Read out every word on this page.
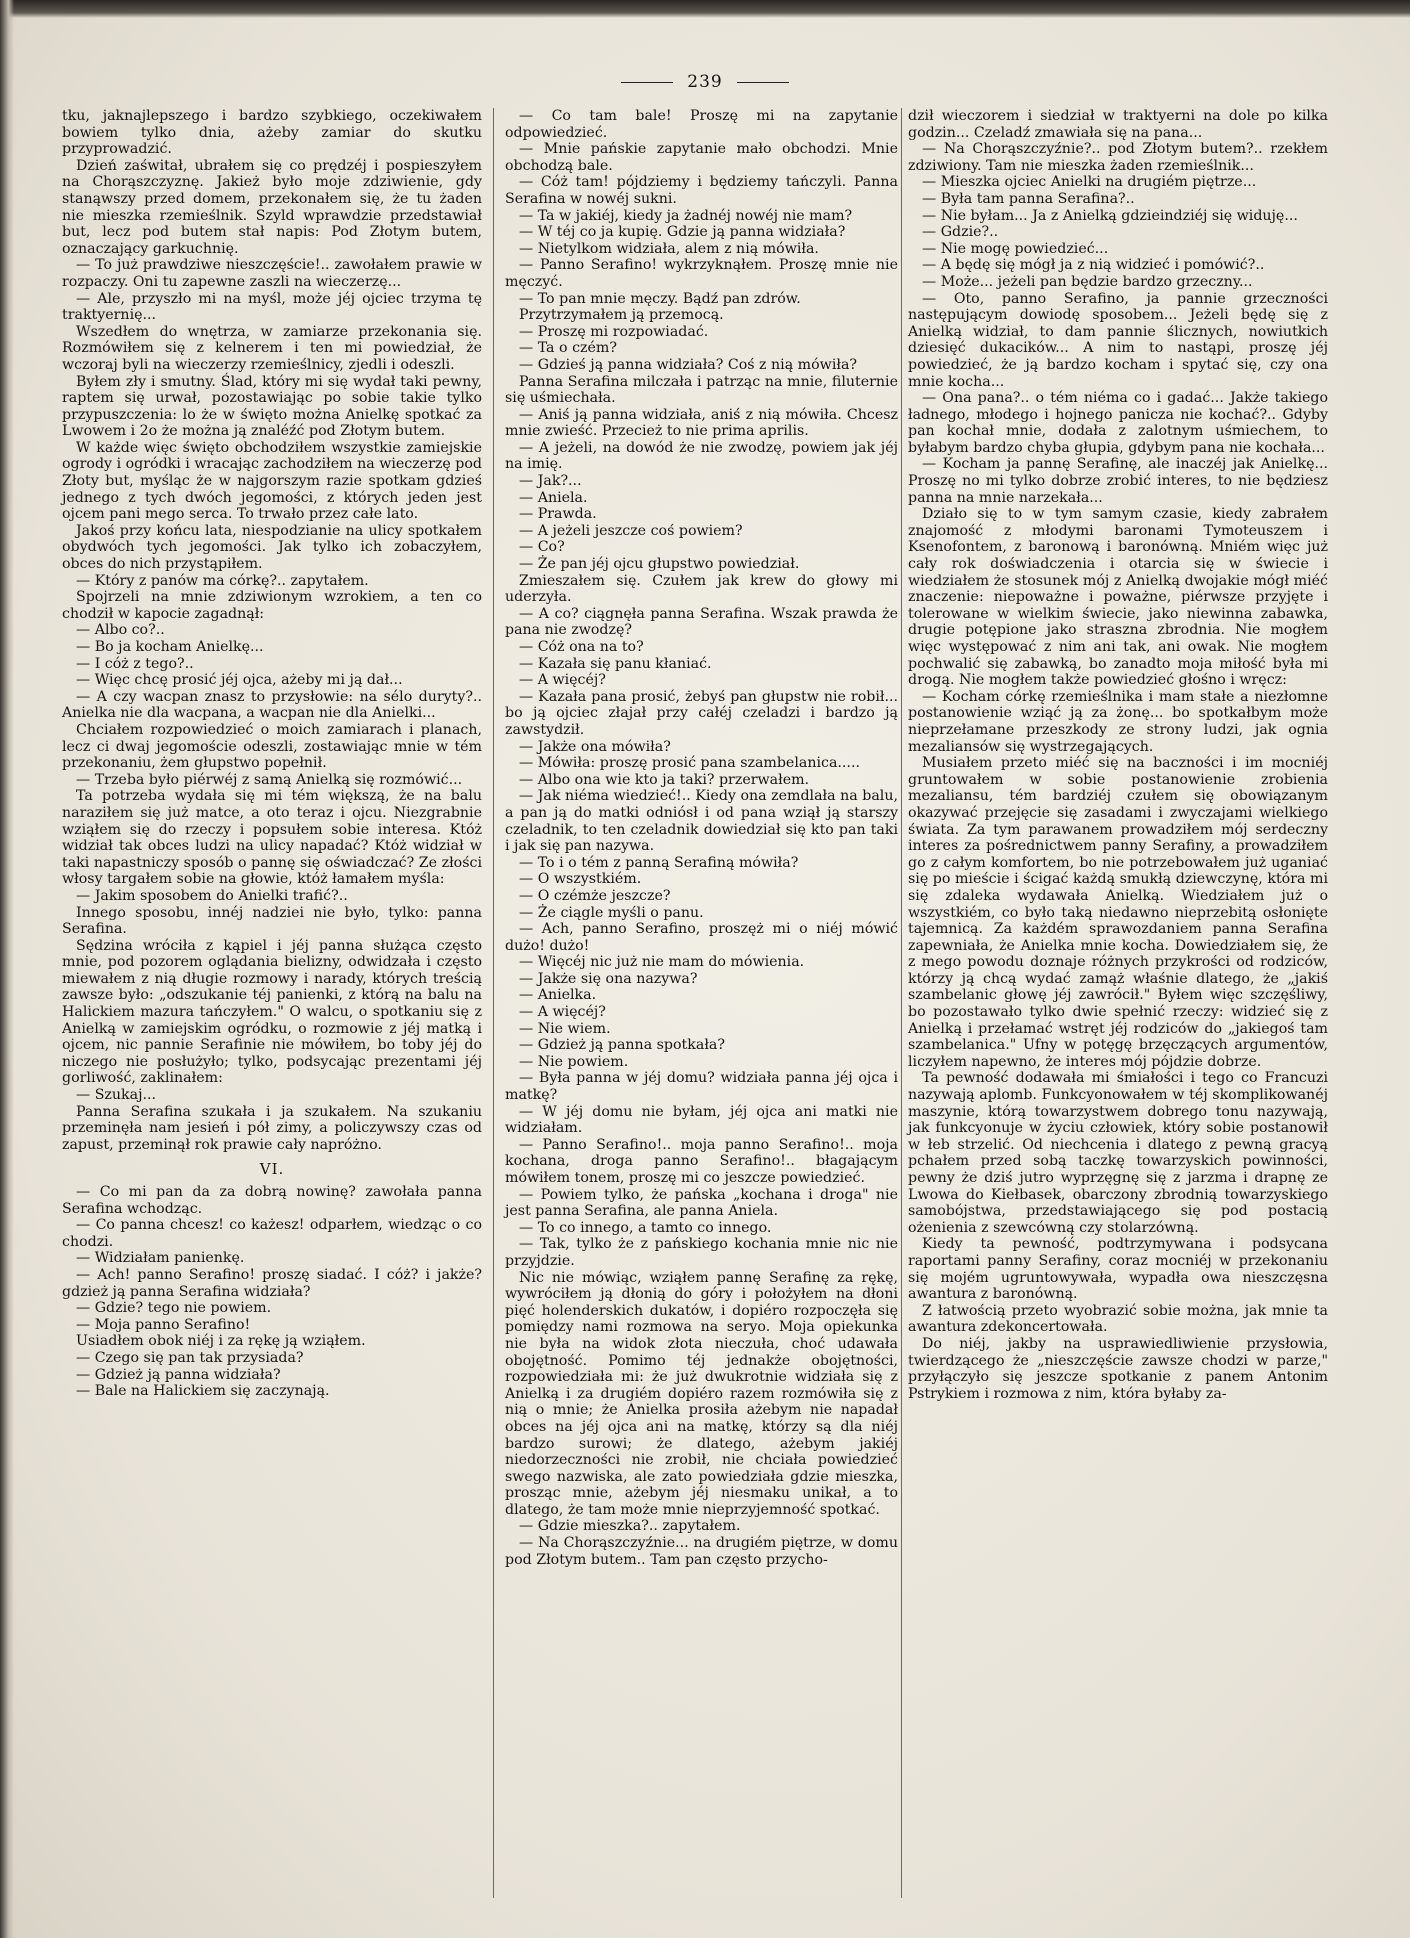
239

tku, jaknajlepszego i bardzo szybkiego, oczekiwałem bowiem tylko dnia, ażeby zamiar do skutku przyprowadzić.

Dzień zaświtał, ubrałem się co prędzéj i pospieszyłem na Chorąszczyznę. Jakież było moje zdziwienie, gdy stanąwszy przed domem, przekonałem się, że tu żaden nie mieszka rzemieślnik. Szyld wprawdzie przedstawiał but, lecz pod butem stał napis: Pod Złotym butem, oznaczający garkuchnię.

— To już prawdziwe nieszczęście!.. zawołałem prawie w rozpaczy. Oni tu zapewne zaszli na wieczerzę...

— Ale, przyszło mi na myśl, może jéj ojciec trzyma tę traktyernię...

Wszedłem do wnętrza, w zamiarze przekonania się. Rozmówiłem się z kelnerem i ten mi powiedział, że wczoraj byli na wieczerzy rzemieślnicy, zjedli i odeszli.

Byłem zły i smutny. Ślad, który mi się wydał taki pewny, raptem się urwał, pozostawiając po sobie takie tylko przypuszczenia: lo że w święto można Anielkę spotkać za Lwowem i 2o że można ją znaléźć pod Złotym butem.

W każde więc święto obchodziłem wszystkie zamiejskie ogrody i ogródki i wracając zachodziłem na wieczerzę pod Złoty but, myśląc że w najgorszym razie spotkam gdzieś jednego z tych dwóch jegomości, z których jeden jest ojcem pani mego serca. To trwało przez całe lato.

Jakoś przy końcu lata, niespodzianie na ulicy spotkałem obydwóch tych jegomości. Jak tylko ich zobaczyłem, obces do nich przystąpiłem.

— Który z panów ma córkę?.. zapytałem.

Spojrzeli na mnie zdziwionym wzrokiem, a ten co chodził w kapocie zagadnął:

— Albo co?..

— Bo ja kocham Anielkę...

— I cóż z tego?..

— Więc chcę prosić jéj ojca, ażeby mi ją dał...

— A czy wacpan znasz to przysłowie: na sélo duryty?.. Anielka nie dla wacpana, a wacpan nie dla Anielki...

Chciałem rozpowiedzieć o moich zamiarach i planach, lecz ci dwaj jegomoście odeszli, zostawiając mnie w tém przekonaniu, żem głupstwo popełnił.

— Trzeba było piérwéj z samą Anielką się rozmówić...

Ta potrzeba wydała się mi tém większą, że na balu naraziłem się już matce, a oto teraz i ojcu. Niezgrabnie wziąłem się do rzeczy i popsułem sobie interesa. Któż widział tak obces ludzi na ulicy napadać? Któż widział w taki napastniczy sposób o pannę się oświadczać? Ze złości włosy targałem sobie na głowie, któż łamałem myśla:

— Jakim sposobem do Anielki trafić?..

Innego sposobu, innéj nadziei nie było, tylko: panna Serafina.

Sędzina wróciła z kąpiel i jéj panna służąca często mnie, pod pozorem oglądania bielizny, odwidzała i często miewałem z nią długie rozmowy i narady, których treścią zawsze było: „odszukanie téj panienki, z którą na balu na Halickiem mazura tańczyłem." O walcu, o spotkaniu się z Anielką w zamiejskim ogródku, o rozmowie z jéj matką i ojcem, nic pannie Serafinie nie mówiłem, bo toby jéj do niczego nie posłużyło; tylko, podsycając prezentami jéj gorliwość, zaklinałem:

— Szukaj...

Panna Serafina szukała i ja szukałem. Na szukaniu przeminęła nam jesień i pół zimy, a policzywszy czas od zapust, przeminął rok prawie cały napróżno.

VI.

— Co mi pan da za dobrą nowinę? zawołała panna Serafina wchodząc.

— Co panna chcesz! co każesz! odparłem, wiedząc o co chodzi.

— Widziałam panienkę.

— Ach! panno Serafino! proszę siadać. I cóż? i jakże? gdzież ją panna Serafina widziała?

— Gdzie? tego nie powiem.

— Moja panno Serafino!

Usiadłem obok niéj i za rękę ją wziąłem.

— Czego się pan tak przysiada?

— Gdzież ją panna widziała?

— Bale na Halickiem się zaczynają.

— Co tam bale! Proszę mi na zapytanie odpowiedzieć.

— Mnie pańskie zapytanie mało obchodzi. Mnie obchodzą bale.

— Cóż tam! pójdziemy i będziemy tańczyli. Panna Serafina w nowéj sukni.

— Ta w jakiéj, kiedy ja żadnéj nowéj nie mam?

— W téj co ja kupię. Gdzie ją panna widziała?

— Nietylkom widziała, alem z nią mówiła.

— Panno Serafino! wykrzyknąłem. Proszę mnie nie męczyć.

— To pan mnie męczy. Bądź pan zdrów.

Przytrzymałem ją przemocą.

— Proszę mi rozpowiadać.

— Ta o czém?

— Gdzieś ją panna widziała? Coś z nią mówiła?

Panna Serafina milczała i patrząc na mnie, filuternie się uśmiechała.

— Aniś ją panna widziała, aniś z nią mówiła. Chcesz mnie zwieść. Przecież to nie prima aprilis.

— A jeżeli, na dowód że nie zwodzę, powiem jak jéj na imię.

— Jak?...

— Aniela.

— Prawda.

— A jeżeli jeszcze coś powiem?

— Co?

— Że pan jéj ojcu głupstwo powiedział.

Zmieszałem się. Czułem jak krew do głowy mi uderzyła.

— A co? ciągnęła panna Serafina. Wszak prawda że pana nie zwodzę?

— Cóż ona na to?

— Kazała się panu kłaniać.

— A więcéj?

— Kazała pana prosić, żebyś pan głupstw nie robił... bo ją ojciec złajał przy całéj czeladzi i bardzo ją zawstydził.

— Jakże ona mówiła?

— Mówiła: proszę prosić pana szambelanica.....

— Albo ona wie kto ja taki? przerwałem.

— Jak niéma wiedzieć!.. Kiedy ona zemdlała na balu, a pan ją do matki odniósł i od pana wziął ją starszy czeladnik, to ten czeladnik dowiedział się kto pan taki i jak się pan nazywa.

— To i o tém z panną Serafiną mówiła?

— O wszystkiém.

— O czémże jeszcze?

— Że ciągle myśli o panu.

— Ach, panno Serafino, proszęż mi o niéj mówić dużo! dużo!

— Więcéj nic już nie mam do mówienia.

— Jakże się ona nazywa?

— Anielka.

— A więcéj?

— Nie wiem.

— Gdzież ją panna spotkała?

— Nie powiem.

— Była panna w jéj domu? widziała panna jéj ojca i matkę?

— W jéj domu nie byłam, jéj ojca ani matki nie widziałam.

— Panno Serafino!.. moja panno Serafino!.. moja kochana, droga panno Serafino!.. błagającym mówiłem tonem, proszę mi co jeszcze powiedzieć.

— Powiem tylko, że pańska „kochana i droga" nie jest panna Serafina, ale panna Aniela.

— To co innego, a tamto co innego.

— Tak, tylko że z pańskiego kochania mnie nic nie przyjdzie.

Nic nie mówiąc, wziąłem pannę Serafinę za rękę, wywróciłem ją dłonią do góry i położyłem na dłoni pięć holenderskich dukatów, i dopiéro rozpoczęła się pomiędzy nami rozmowa na seryo. Moja opiekunka nie była na widok złota nieczuła, choć udawała obojętność. Pomimo téj jednakże obojętności, rozpowiedziała mi: że już dwukrotnie widziała się z Anielką i za drugiém dopiéro razem rozmówiła się z nią o mnie; że Anielka prosiła ażebym nie napadał obces na jéj ojca ani na matkę, którzy są dla niéj bardzo surowi; że dlatego, ażebym jakiéj niedorzeczności nie zrobił, nie chciała powiedzieć swego nazwiska, ale zato powiedziała gdzie mieszka, prosząc mnie, ażebym jéj niesmaku unikał, a to dlatego, że tam może mnie nieprzyjemność spotkać.

— Gdzie mieszka?.. zapytałem.

— Na Chorąszczyźnie... na drugiém piętrze, w domu pod Złotym butem.. Tam pan często przycho-

dził wieczorem i siedział w traktyerni na dole po kilka godzin... Czeladź zmawiała się na pana...

— Na Chorąszczyźnie?.. pod Złotym butem?.. rzekłem zdziwiony. Tam nie mieszka żaden rzemieślnik...

— Mieszka ojciec Anielki na drugiém piętrze...

— Była tam panna Serafina?..

— Nie byłam... Ja z Anielką gdzieindziéj się widuję...

— Gdzie?..

— Nie mogę powiedzieć...

— A będę się mógł ja z nią widzieć i pomówić?..

— Może... jeżeli pan będzie bardzo grzeczny...

— Oto, panno Serafino, ja pannie grzeczności następującym dowiodę sposobem... Jeżeli będę się z Anielką widział, to dam pannie ślicznych, nowiutkich dziesięć dukacików... A nim to nastąpi, proszę jéj powiedzieć, że ją bardzo kocham i spytać się, czy ona mnie kocha...

— Ona pana?.. o tém niéma co i gadać... Jakże takiego ładnego, młodego i hojnego panicza nie kochać?.. Gdyby pan kochał mnie, dodała z zalotnym uśmiechem, to byłabym bardzo chyba głupia, gdybym pana nie kochała...

— Kocham ja pannę Serafinę, ale inaczéj jak Anielkę... Proszę no mi tylko dobrze zrobić interes, to nie będziesz panna na mnie narzekała...

Działo się to w tym samym czasie, kiedy zabrałem znajomość z młodymi baronami Tymoteuszem i Ksenofontem, z baronową i baronówną. Mniém więc już cały rok doświadczenia i otarcia się w świecie i wiedziałem że stosunek mój z Anielką dwojakie mógł miéć znaczenie: niepoważne i poważne, piérwsze przyjęte i tolerowane w wielkim świecie, jako niewinna zabawka, drugie potępione jako straszna zbrodnia. Nie mogłem więc występować z nim ani tak, ani owak. Nie mogłem pochwalić się zabawką, bo zanadto moja miłość była mi drogą. Nie mogłem także powiedzieć głośno i wręcz:

— Kocham córkę rzemieślnika i mam stałe a niezłomne postanowienie wziąć ją za żonę... bo spotkałbym może nieprzełamane przeszkody ze strony ludzi, jak ognia mezaliansów się wystrzegających.

Musiałem przeto miéć się na baczności i im mocniéj gruntowałem w sobie postanowienie zrobienia mezaliansu, tém bardziéj czułem się obowiązanym okazywać przejęcie się zasadami i zwyczajami wielkiego świata. Za tym parawanem prowadziłem mój serdeczny interes za pośrednictwem panny Serafiny, a prowadziłem go z całym komfortem, bo nie potrzebowałem już uganiać się po mieście i ścigać każdą smukłą dziewczynę, która mi się zdaleka wydawała Anielką. Wiedziałem już o wszystkiém, co było taką niedawno nieprzebitą osłonięte tajemnicą. Za każdém sprawozdaniem panna Serafina zapewniała, że Anielka mnie kocha. Dowiedziałem się, że z mego powodu doznaje różnych przykrości od rodziców, którzy ją chcą wydać zamąż właśnie dlatego, że „jakiś szambelanic głowę jéj zawrócił." Byłem więc szczęśliwy, bo pozostawało tylko dwie spełnić rzeczy: widzieć się z Anielką i przełamać wstręt jéj rodziców do „jakiegoś tam szambelanica." Ufny w potęgę brzęczących argumentów, liczyłem napewno, że interes mój pójdzie dobrze.

Ta pewność dodawała mi śmiałości i tego co Francuzi nazywają aplomb. Funkcyonowałem w téj skomplikowanéj maszynie, którą towarzystwem dobrego tonu nazywają, jak funkcyonuje w życiu człowiek, który sobie postanowił w łeb strzelić. Od niechcenia i dlatego z pewną gracyą pchałem przed sobą taczkę towarzyskich powinności, pewny że dziś jutro wyprzęgnę się z jarzma i drapnę ze Lwowa do Kiełbasek, obarczony zbrodnią towarzyskiego samobójstwa, przedstawiającego się pod postacią ożenienia z szewcówną czy stolarzówną.

Kiedy ta pewność, podtrzymywana i podsycana raportami panny Serafiny, coraz mocniéj w przekonaniu się mojém ugruntowywała, wypadła owa nieszczęsna awantura z baronówną.

Z łatwością przeto wyobrazić sobie można, jak mnie ta awantura zdekoncertowała.

Do niéj, jakby na usprawiedliwienie przysłowia, twierdzącego że „nieszczęście zawsze chodzi w parze," przyłączyło się jeszcze spotkanie z panem Antonim Pstrykiem i rozmowa z nim, która byłaby za-
